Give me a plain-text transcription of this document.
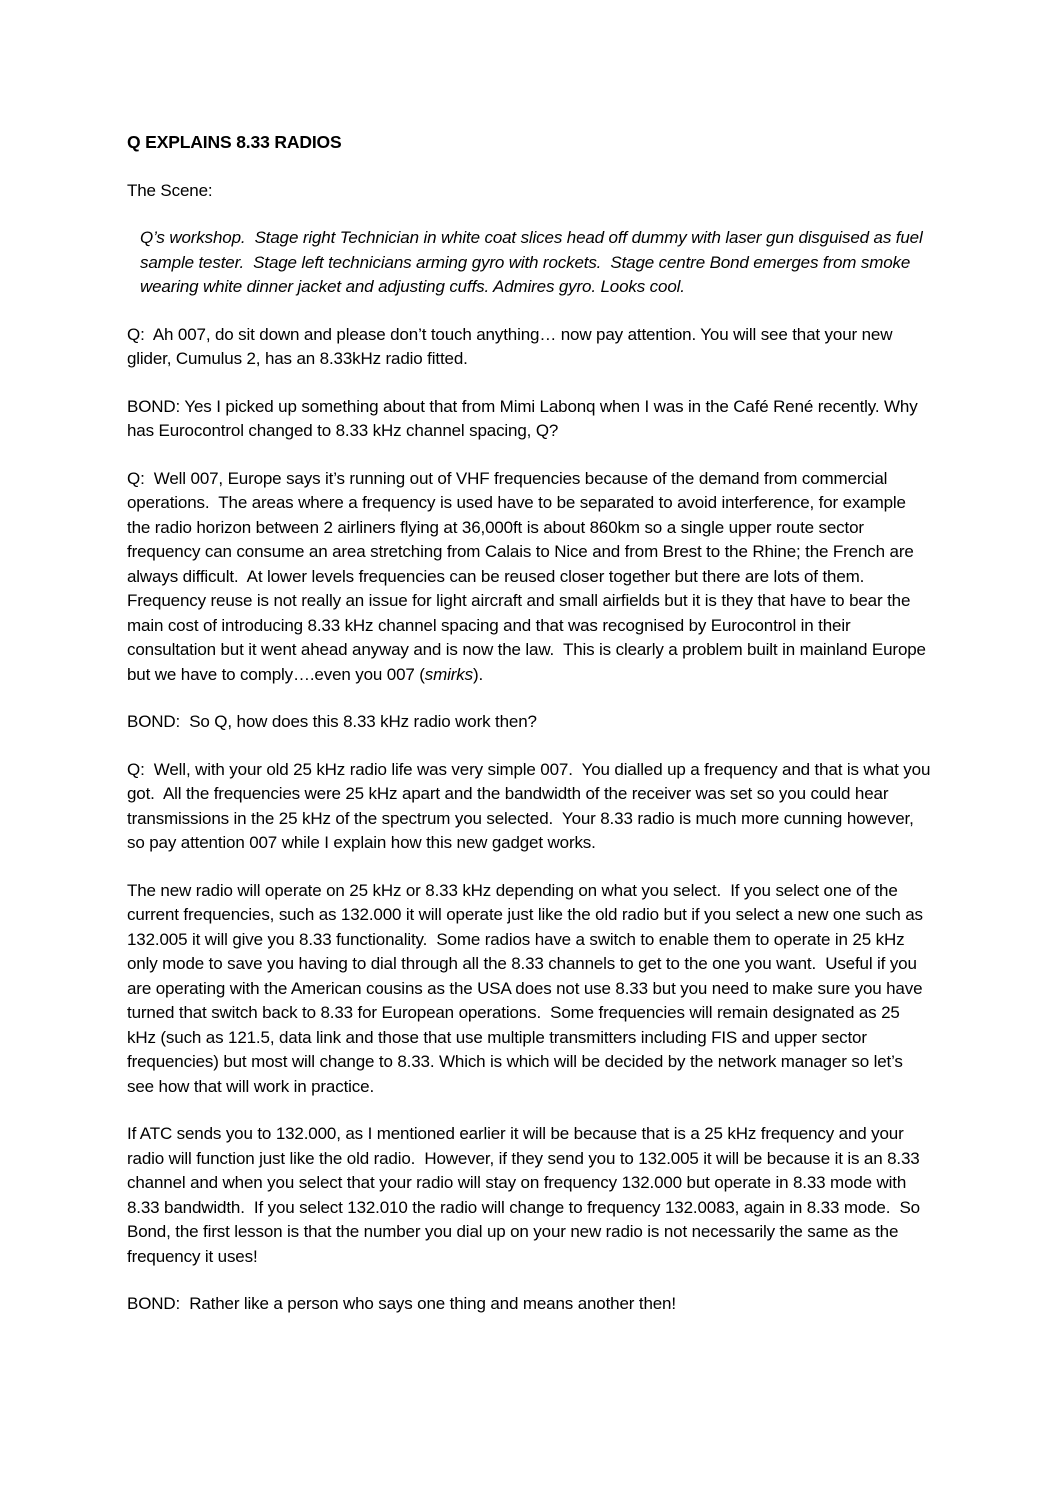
Q EXPLAINS 8.33 RADIOS

The Scene:

Q’s workshop.  Stage right Technician in white coat slices head off dummy with laser gun disguised as fuel sample tester.  Stage left technicians arming gyro with rockets.  Stage centre Bond emerges from smoke wearing white dinner jacket and adjusting cuffs. Admires gyro. Looks cool.

Q:  Ah 007, do sit down and please don’t touch anything… now pay attention. You will see that your new glider, Cumulus 2, has an 8.33kHz radio fitted.

BOND: Yes I picked up something about that from Mimi Labonq when I was in the Café René recently. Why has Eurocontrol changed to 8.33 kHz channel spacing, Q?

Q:  Well 007, Europe says it’s running out of VHF frequencies because of the demand from commercial operations.  The areas where a frequency is used have to be separated to avoid interference, for example the radio horizon between 2 airliners flying at 36,000ft is about 860km so a single upper route sector frequency can consume an area stretching from Calais to Nice and from Brest to the Rhine; the French are always difficult.  At lower levels frequencies can be reused closer together but there are lots of them.  Frequency reuse is not really an issue for light aircraft and small airfields but it is they that have to bear the main cost of introducing 8.33 kHz channel spacing and that was recognised by Eurocontrol in their consultation but it went ahead anyway and is now the law.  This is clearly a problem built in mainland Europe but we have to comply….even you 007 (smirks).

BOND:  So Q, how does this 8.33 kHz radio work then?

Q:  Well, with your old 25 kHz radio life was very simple 007.  You dialled up a frequency and that is what you got.  All the frequencies were 25 kHz apart and the bandwidth of the receiver was set so you could hear transmissions in the 25 kHz of the spectrum you selected.  Your 8.33 radio is much more cunning however, so pay attention 007 while I explain how this new gadget works.

The new radio will operate on 25 kHz or 8.33 kHz depending on what you select.  If you select one of the current frequencies, such as 132.000 it will operate just like the old radio but if you select a new one such as 132.005 it will give you 8.33 functionality.  Some radios have a switch to enable them to operate in 25 kHz only mode to save you having to dial through all the 8.33 channels to get to the one you want.  Useful if you are operating with the American cousins as the USA does not use 8.33 but you need to make sure you have turned that switch back to 8.33 for European operations.  Some frequencies will remain designated as 25 kHz (such as 121.5, data link and those that use multiple transmitters including FIS and upper sector frequencies) but most will change to 8.33. Which is which will be decided by the network manager so let’s see how that will work in practice.

If ATC sends you to 132.000, as I mentioned earlier it will be because that is a 25 kHz frequency and your radio will function just like the old radio.  However, if they send you to 132.005 it will be because it is an 8.33 channel and when you select that your radio will stay on frequency 132.000 but operate in 8.33 mode with 8.33 bandwidth.  If you select 132.010 the radio will change to frequency 132.0083, again in 8.33 mode.  So Bond, the first lesson is that the number you dial up on your new radio is not necessarily the same as the frequency it uses!

BOND:  Rather like a person who says one thing and means another then!
